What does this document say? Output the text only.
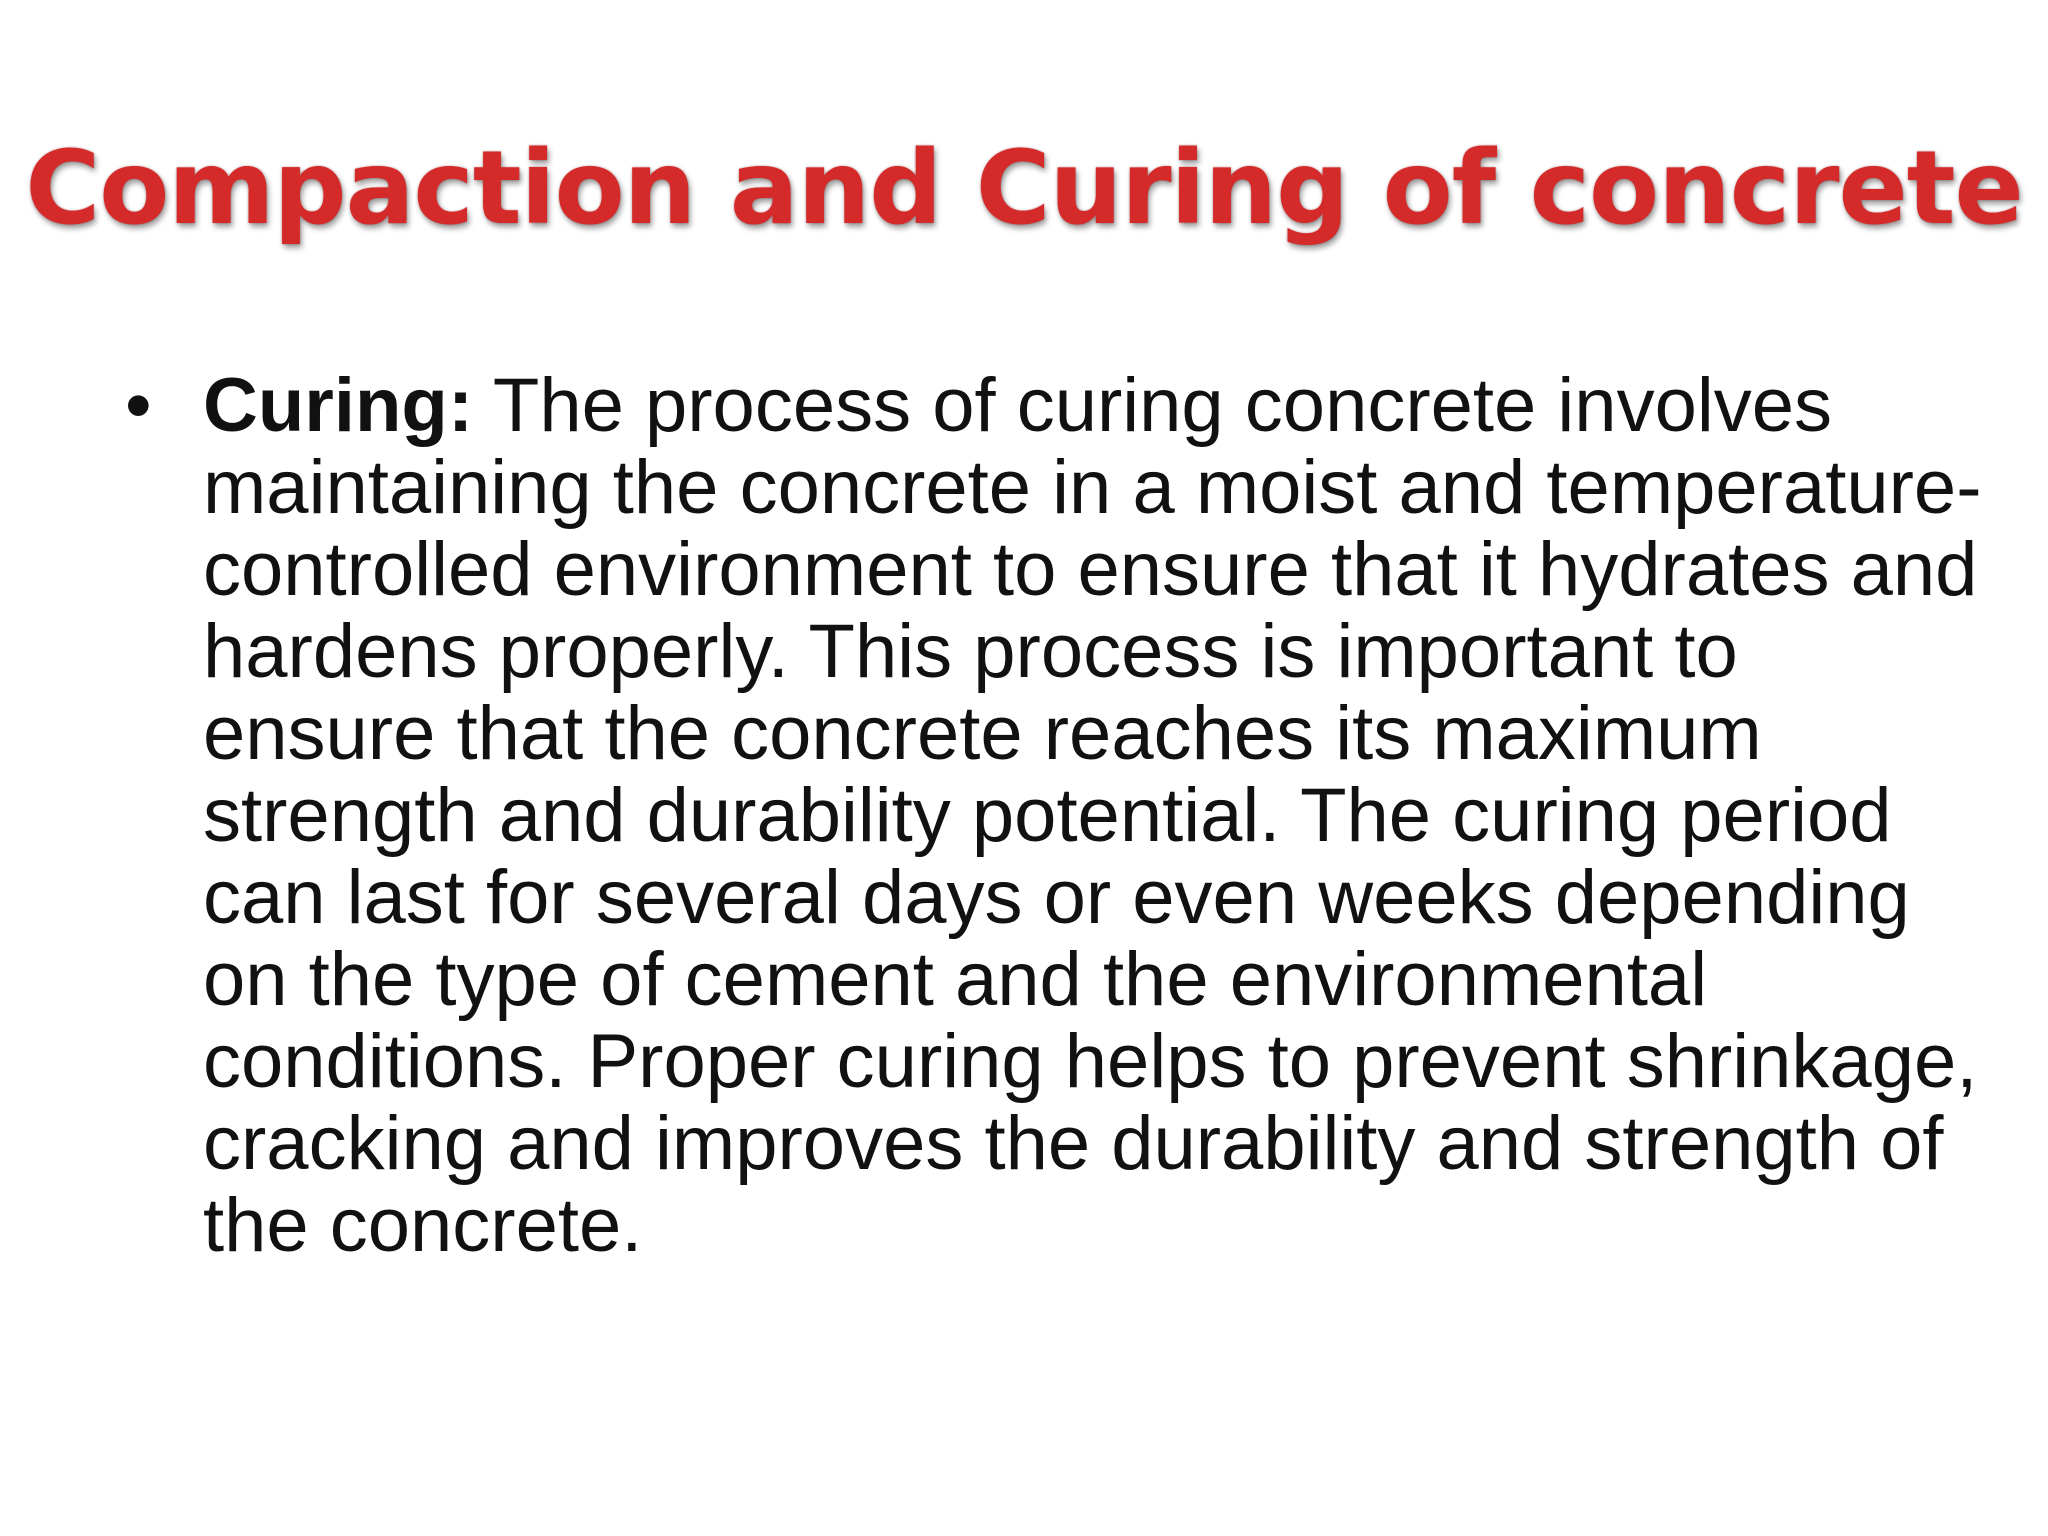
Compaction and Curing of concrete
• Curing: The process of curing concrete involves maintaining the concrete in a moist and temperature-controlled environment to ensure that it hydrates and hardens properly. This process is important to ensure that the concrete reaches its maximum strength and durability potential. The curing period can last for several days or even weeks depending on the type of cement and the environmental conditions. Proper curing helps to prevent shrinkage, cracking and improves the durability and strength of the concrete.
